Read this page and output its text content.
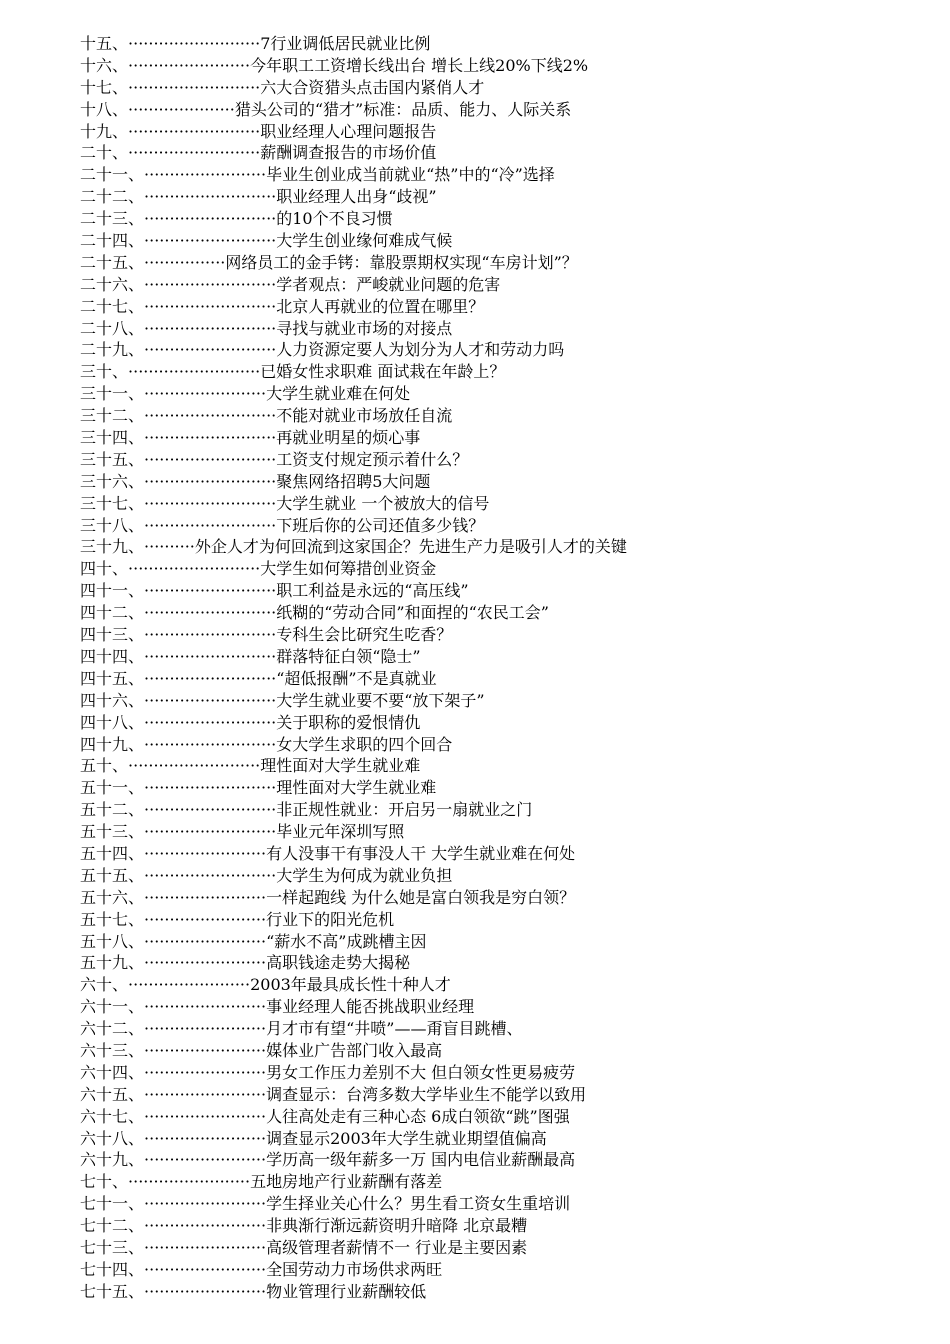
十五、··························7行业调低居民就业比例
十六、························今年职工工资增长线出台 增长上线20%下线2%
十七、··························六大合资猎头点击国内紧俏人才
十八、·····················猎头公司的“猎才”标准：品质、能力、人际关系
十九、··························职业经理人心理问题报告
二十、··························薪酬调查报告的市场价值
二十一、························毕业生创业成当前就业“热”中的“冷”选择
二十二、··························职业经理人出身“歧视”
二十三、··························的10个不良习惯
二十四、··························大学生创业缘何难成气候
二十五、················网络员工的金手铐：靠股票期权实现“车房计划”？
二十六、··························学者观点：严峻就业问题的危害
二十七、··························北京人再就业的位置在哪里？
二十八、··························寻找与就业市场的对接点
二十九、··························人力资源定要人为划分为人才和劳动力吗
三十、··························已婚女性求职难 面试栽在年龄上？
三十一、························大学生就业难在何处
三十二、··························不能对就业市场放任自流
三十四、··························再就业明星的烦心事
三十五、··························工资支付规定预示着什么？
三十六、··························聚焦网络招聘5大问题
三十七、··························大学生就业 一个被放大的信号
三十八、··························下班后你的公司还值多少钱？
三十九、··········外企人才为何回流到这家国企？先进生产力是吸引人才的关键
四十、··························大学生如何筹措创业资金
四十一、··························职工利益是永远的“高压线”
四十二、··························纸糊的“劳动合同”和面捏的“农民工会”
四十三、··························专科生会比研究生吃香？
四十四、··························群落特征白领“隐士”
四十五、··························“超低报酬”不是真就业
四十六、··························大学生就业要不要“放下架子”
四十八、··························关于职称的爱恨情仇
四十九、··························女大学生求职的四个回合
五十、··························理性面对大学生就业难
五十一、··························理性面对大学生就业难
五十二、··························非正规性就业：开启另一扇就业之门
五十三、··························毕业元年深圳写照
五十四、························有人没事干有事没人干 大学生就业难在何处
五十五、··························大学生为何成为就业负担
五十六、························一样起跑线 为什么她是富白领我是穷白领？
五十七、························行业下的阳光危机
五十八、························“薪水不高”成跳槽主因
五十九、························高职钱途走势大揭秘
六十、························2003年最具成长性十种人才
六十一、························事业经理人能否挑战职业经理
六十二、························月才市有望“井喷”——甭盲目跳槽、
六十三、························媒体业广告部门收入最高
六十四、························男女工作压力差别不大 但白领女性更易疲劳
六十五、························调查显示：台湾多数大学毕业生不能学以致用
六十七、························人往高处走有三种心态 6成白领欲“跳”图强
六十八、························调查显示2003年大学生就业期望值偏高
六十九、························学历高一级年薪多一万 国内电信业薪酬最高
七十、························五地房地产行业薪酬有落差
七十一、························学生择业关心什么？男生看工资女生重培训
七十二、························非典渐行渐远薪资明升暗降 北京最糟
七十三、························高级管理者薪情不一 行业是主要因素
七十四、························全国劳动力市场供求两旺
七十五、························物业管理行业薪酬较低
